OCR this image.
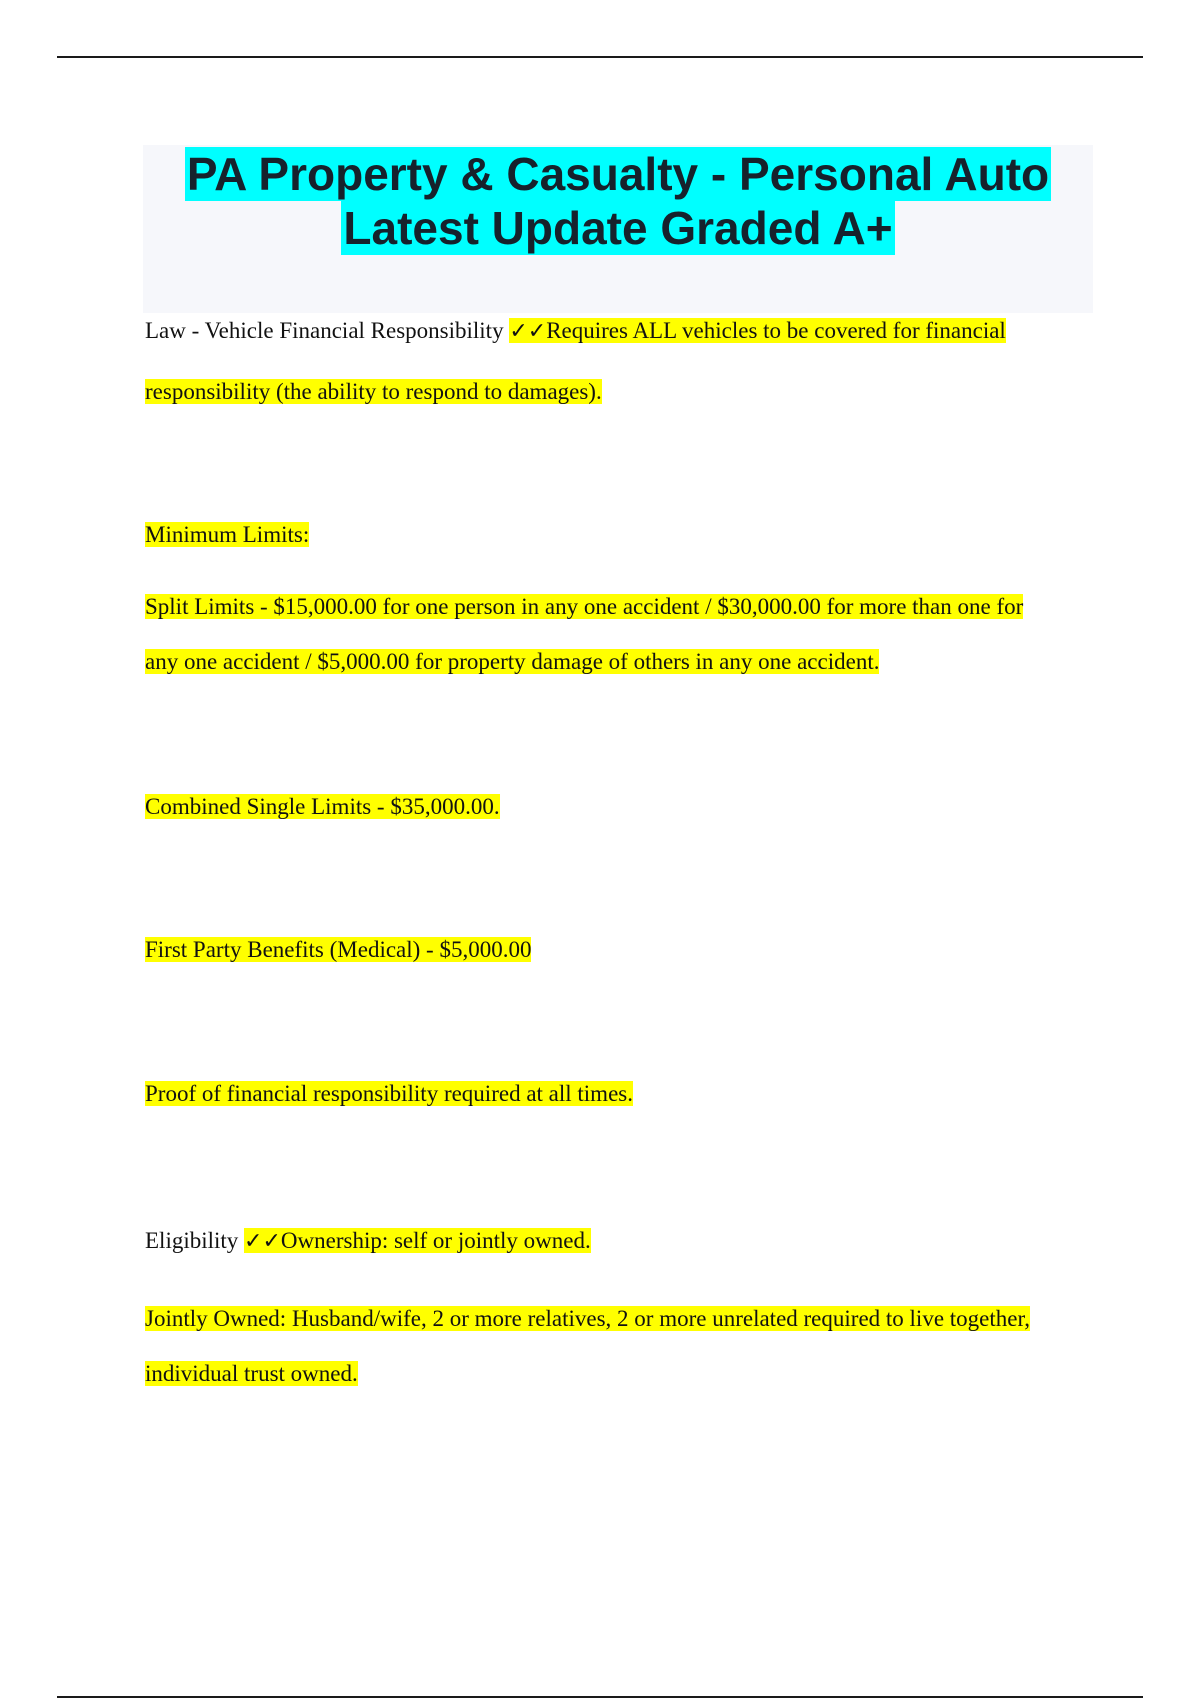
PA Property & Casualty - Personal Auto
Latest Update Graded A+
Law - Vehicle Financial Responsibility ✓✓Requires ALL vehicles to be covered for financial
responsibility (the ability to respond to damages).
Minimum Limits:
Split Limits - $15,000.00 for one person in any one accident / $30,000.00 for more than one for
any one accident / $5,000.00 for property damage of others in any one accident.
Combined Single Limits - $35,000.00.
First Party Benefits (Medical) - $5,000.00
Proof of financial responsibility required at all times.
Eligibility ✓✓Ownership: self or jointly owned.
Jointly Owned: Husband/wife, 2 or more relatives, 2 or more unrelated required to live together,
individual trust owned.
